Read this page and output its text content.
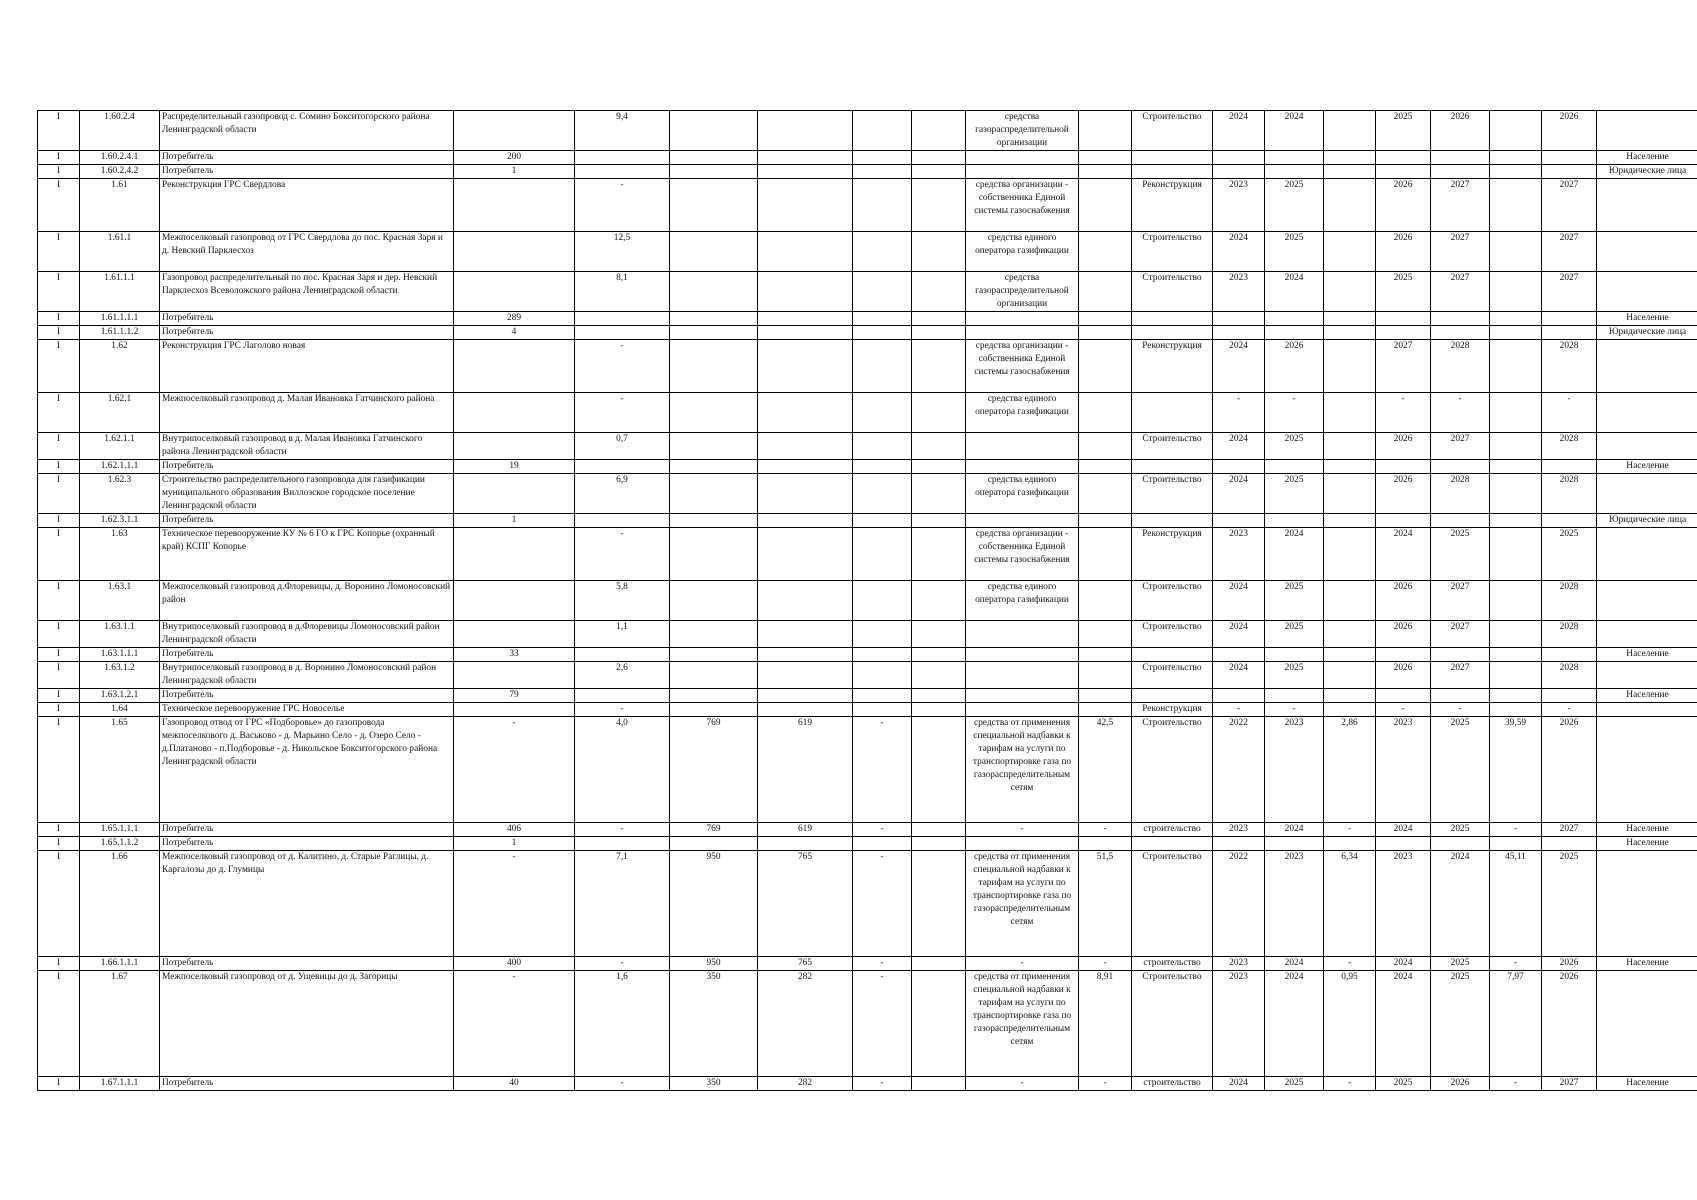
I	1.60.2.4	Распределительный газопровод с. Сомино Бокситогорского района Ленинградской области		9,4					средства газораспределительной организации		Строительство	2024	2024		2025	2026		2026	
I	1.60.2.4.1	Потребитель	200																Население
I	1.60.2.4.2	Потребитель	1																Юридические лица
I	1.61	Реконструкция ГРС Свердлова		-					средства организации - собственника Единой системы газоснабжения		Реконструкция	2023	2025		2026	2027		2027	
I	1.61.1	Межпоселковый газопровод от ГРС Свердлова до пос. Красная Заря и д. Невский Парклесхоз		12,5					средства единого оператора газификации		Строительство	2024	2025		2026	2027		2027	
I	1.61.1.1	Газопровод распределительный по пос. Красная Заря и дер. Невский Парклесхоз Всеволожского района Ленинградской области		8,1					средства газораспределительной организации		Строительство	2023	2024		2025	2027		2027	
I	1.61.1.1.1	Потребитель	289																Население
I	1.61.1.1.2	Потребитель	4																Юридические лица
I	1.62	Реконструкция ГРС Лаголово новая		-					средства организации - собственника Единой системы газоснабжения		Реконструкция	2024	2026		2027	2028		2028	
I	1.62.1	Межпоселковый газопровод д. Малая Ивановка Гатчинского района		-					средства единого оператора газификации			-	-		-	-		-	
I	1.62.1.1	Внутрипоселковый газопровод в д. Малая Ивановка Гатчинского района Ленинградской области		0,7							Строительство	2024	2025		2026	2027		2028	
I	1.62.1.1.1	Потребитель	19																Население
I	1.62.3	Строительство распределительного газопровода для газификации муниципального образования Виллозское городское поселение Ленинградской области		6,9					средства единого оператора газификации		Строительство	2024	2025		2026	2028		2028	
I	1.62.3.1.1	Потребитель	1																Юридические лица
I	1.63	Техническое перевооружение КУ № 6 ГО к ГРС Копорье (охранный край) КСПГ Копорье		-					средства организации - собственника Единой системы газоснабжения		Реконструкция	2023	2024		2024	2025		2025	
I	1.63.1	Межпоселковый газопровод д.Флоревицы, д. Воронино Ломоносовский район		5,8					средства единого оператора газификации		Строительство	2024	2025		2026	2027		2028	
I	1.63.1.1	Внутрипоселковый газопровод в д.Флоревицы Ломоносовский район Ленинградской области		1,1							Строительство	2024	2025		2026	2027		2028	
I	1.63.1.1.1	Потребитель	33																Население
I	1.63.1.2	Внутрипоселковый газопровод в д. Воронино Ломоносовский район Ленинградской области		2,6							Строительство	2024	2025		2026	2027		2028	
I	1.63.1.2.1	Потребитель	79																Население
I	1.64	Техническое перевооружение ГРС Новоселье		-							Реконструкция	-	-		-	-		-	
I	1.65	Газопровод отвод от ГРС «Подборовье» до газопровода межпоселкового д. Васьково - д. Марьино Село - д. Озеро Село - д.Платаново - п.Подборовье - д. Никольское Бокситогорского района Ленинградской области	-	4,0	769	619	-		средства от применения специальной надбавки к тарифам на услуги по транспортировке газа по газораспределительным сетям	42,5	Строительство	2022	2023	2,86	2023	2025	39,59	2026	
I	1.65.1.1.1	Потребитель	406	-	769	619	-		-	-	строительство	2023	2024	-	2024	2025	-	2027	Население
I	1.65.1.1.2	Потребитель	1																Население
I	1.66	Межпоселковый газопровод от д. Калитино, д. Старые Раглицы, д. Каргалозы до д. Глумицы	-	7,1	950	765	-		средства от применения специальной надбавки к тарифам на услуги по транспортировке газа по газораспределительным сетям	51,5	Строительство	2022	2023	6,34	2023	2024	45,11	2025	
I	1.66.1.1.1	Потребитель	400	-	950	765	-		-	-	строительство	2023	2024	-	2024	2025	-	2026	Население
I	1.67	Межпоселковый газопровод от д. Ущевицы до д. Загорицы	-	1,6	350	282	-		средства от применения специальной надбавки к тарифам на услуги по транспортировке газа по газораспределительным сетям	8,91	Строительство	2023	2024	0,95	2024	2025	7,97	2026	
I	1.67.1.1.1	Потребитель	40	-	350	282	-		-	-	строительство	2024	2025	-	2025	2026	-	2027	Население
